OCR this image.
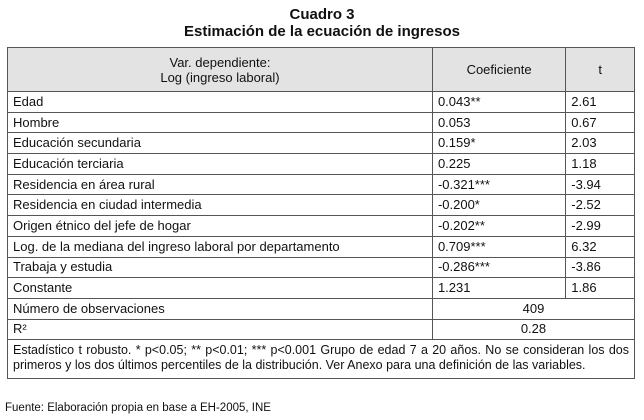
Cuadro 3
Estimación de la ecuación de ingresos
Var. dependiente:
Log (ingreso laboral)	Coeficiente	t
Edad	0.043**	2.61
Hombre	0.053	0.67
Educación secundaria	0.159*	2.03
Educación terciaria	0.225	1.18
Residencia en área rural	-0.321***	-3.94
Residencia en ciudad intermedia	-0.200*	-2.52
Origen étnico del jefe de hogar	-0.202**	-2.99
Log. de la mediana del ingreso laboral por departamento	0.709***	6.32
Trabaja y estudia	-0.286***	-3.86
Constante	1.231	1.86
Número de observaciones	409	
R²	0.28	
Estadístico t robusto. * p<0.05; ** p<0.01; *** p<0.001 Grupo de edad 7 a 20 años. No se consideran los dos primeros y los dos últimos percentiles de la distribución. Ver Anexo para una definición de las variables.		
Fuente: Elaboración propia en base a EH-2005, INE
